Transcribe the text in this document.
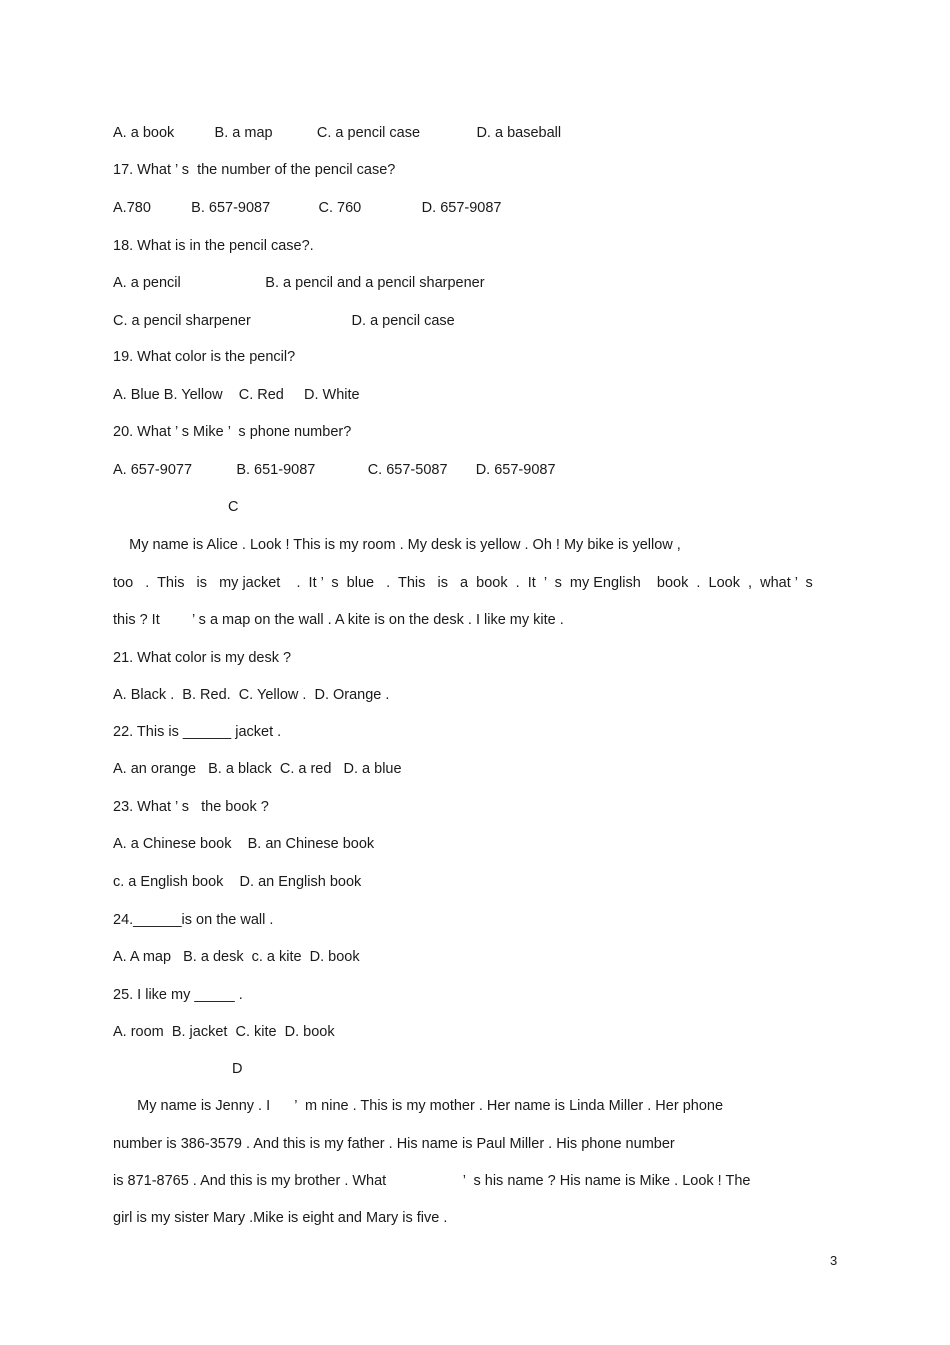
A. a book          B. a map           C. a pencil case              D. a baseball
17. What ’ s  the number of the pencil case?
A.780          B. 657-9087            C. 760               D. 657-9087
18. What is in the pencil case?.
A. a pencil                     B. a pencil and a pencil sharpener
C. a pencil sharpener                         D. a pencil case
19. What color is the pencil?
A. Blue B. Yellow    C. Red     D. White
20. What ’ s Mike ’  s phone number?
A. 657-9077           B. 651-9087             C. 657-5087       D. 657-9087
C
My name is Alice . Look ! This is my room . My desk is yellow . Oh ! My bike is yellow ,
too   .  This   is   my jacket    .  It ’  s  blue   .  This   is   a  book  .  It  ’  s  my English    book  .  Look  ,  what ’  s
this ? It        ’ s a map on the wall . A kite is on the desk . I like my kite .
21. What color is my desk ?
A. Black .  B. Red.  C. Yellow .  D. Orange .
22. This is ______ jacket .
A. an orange   B. a black  C. a red   D. a blue
23. What ’ s   the book ?
A. a Chinese book    B. an Chinese book
c. a English book    D. an English book
24.______is on the wall .
A. A map   B. a desk  c. a kite  D. book
25. I like my _____ .
A. room  B. jacket  C. kite  D. book
D
My name is Jenny . I      ’  m nine . This is my mother . Her name is Linda Miller . Her phone
number is 386-3579 . And this is my father . His name is Paul Miller . His phone number
is 871-8765 . And this is my brother . What                   ’  s his name ? His name is Mike . Look ! The
girl is my sister Mary .Mike is eight and Mary is five .
3
